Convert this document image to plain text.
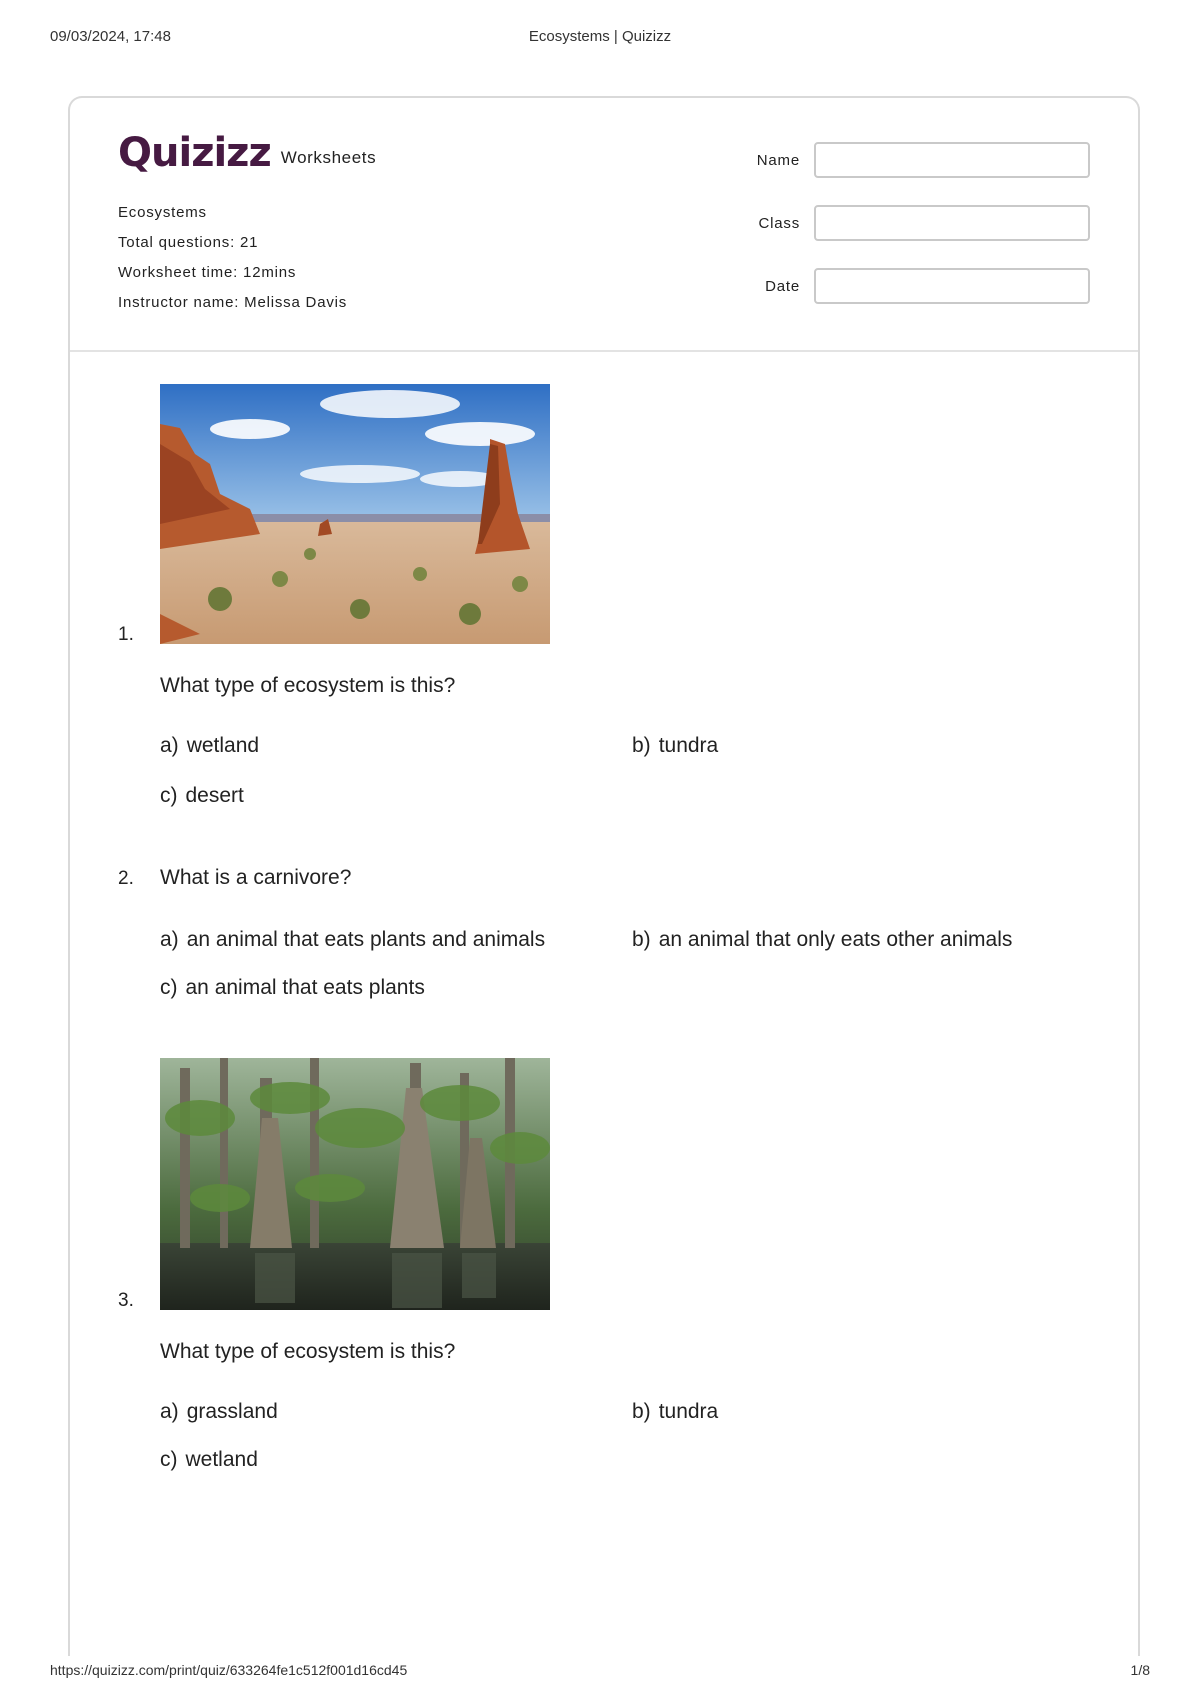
09/03/2024, 17:48	Ecosystems | Quizizz
Quizizz Worksheets
Ecosystems
Total questions: 21
Worksheet time: 12mins
Instructor name: Melissa Davis
Name
Class
Date
1.
What type of ecosystem is this?
a) wetland	b) tundra
c) desert
2. What is a carnivore?
a) an animal that eats plants and animals	b) an animal that only eats other animals
c) an animal that eats plants
3.
What type of ecosystem is this?
a) grassland	b) tundra
c) wetland
https://quizizz.com/print/quiz/633264fe1c512f001d16cd45	1/8
